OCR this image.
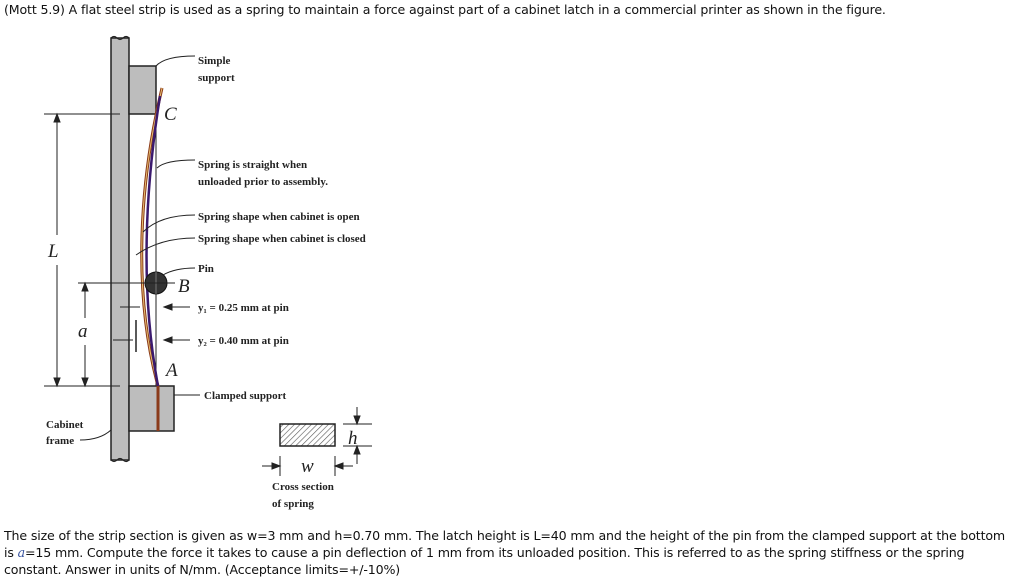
(Mott 5.9) A flat steel strip is used as a spring to maintain a force against part of a cabinet latch in a commercial printer as shown in the figure.
Simple
support
C
Spring is straight when
unloaded prior to assembly.
Spring shape when cabinet is open
Spring shape when cabinet is closed
Pin
B
y₁ = 0.25 mm at pin
y₂ = 0.40 mm at pin
A
Clamped support
Cabinet
frame
L
a
h
w
Cross section
of spring
The size of the strip section is given as w=3 mm and h=0.70 mm. The latch height is L=40 mm and the height of the pin from the clamped support at the bottom
is a=15 mm. Compute the force it takes to cause a pin deflection of 1 mm from its unloaded position. This is referred to as the spring stiffness or the spring
constant. Answer in units of N/mm. (Acceptance limits=+/-10%)
